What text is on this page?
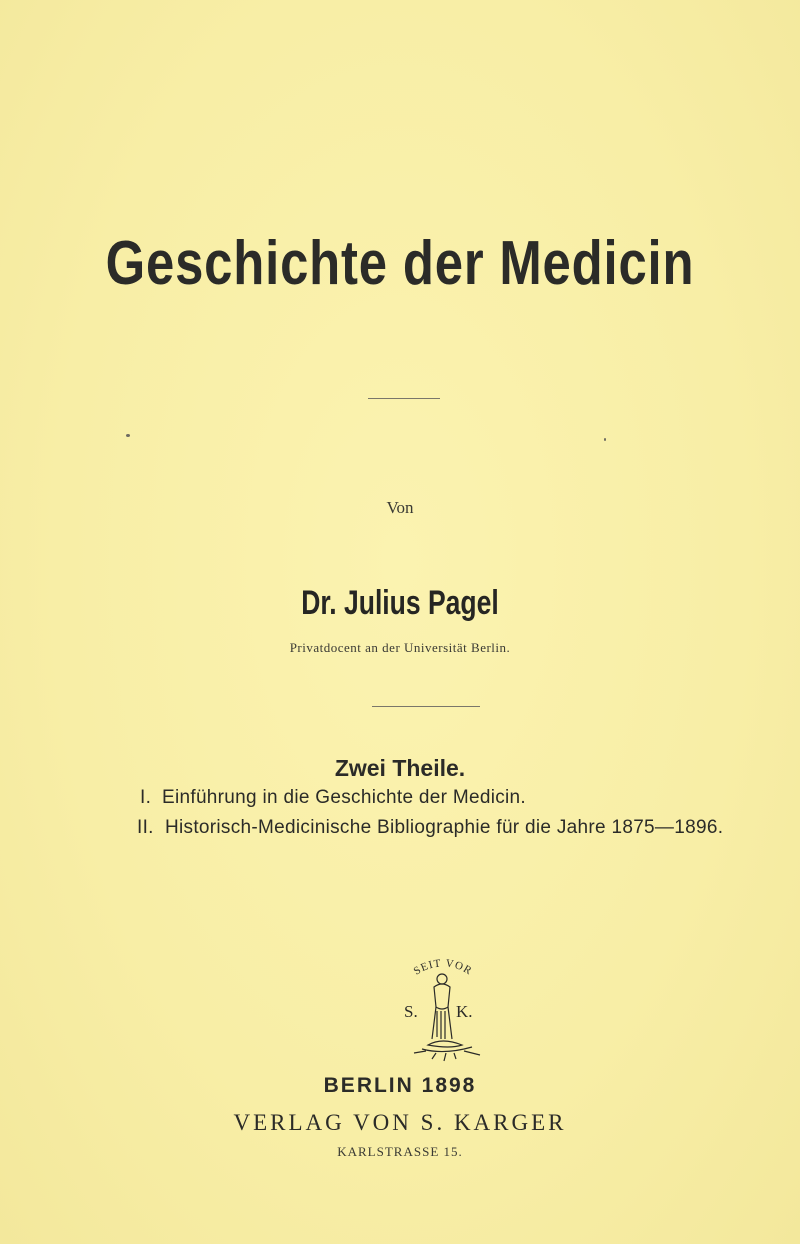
Geschichte der Medicin
Von
Dr. Julius Pagel
Privatdocent an der Universität Berlin.
Zwei Theile.
I. Einführung in die Geschichte der Medicin.
II. Historisch-Medicinische Bibliographie für die Jahre 1875—1896.
SEIT VOR
S. K.
BERLIN 1898
VERLAG VON S. KARGER
KARLSTRASSE 15.
